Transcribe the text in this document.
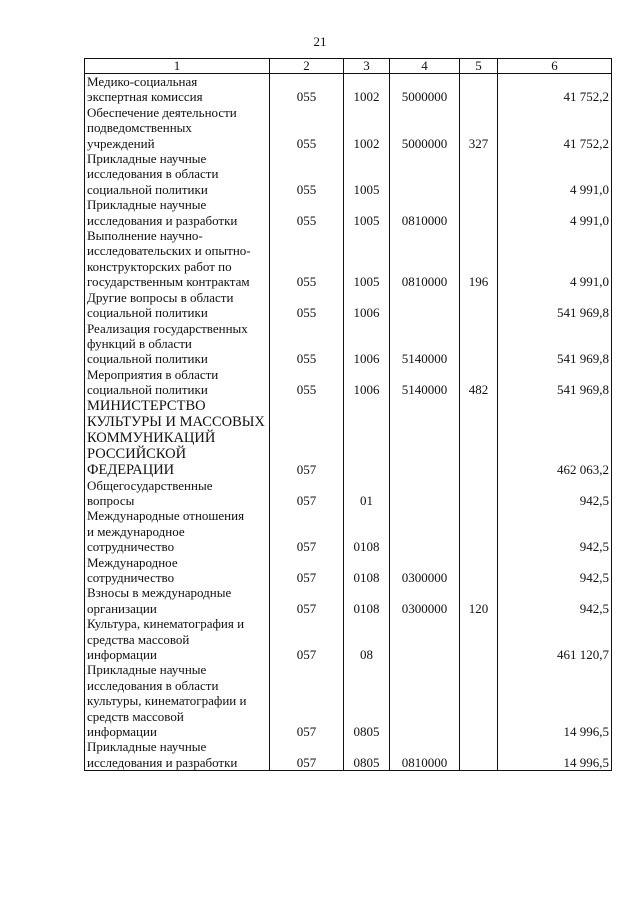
21
1	2	3	4	5	6
Медико-социальная
экспертная комиссия	055	1002	5000000		41 752,2
Обеспечение деятельности
подведомственных
учреждений	055	1002	5000000	327	41 752,2
Прикладные научные
исследования в области
социальной политики	055	1005			4 991,0
Прикладные научные
исследования и разработки	055	1005	0810000		4 991,0
Выполнение научно-
исследовательских и опытно-
конструкторских работ по
государственным контрактам	055	1005	0810000	196	4 991,0
Другие вопросы в области
социальной политики	055	1006			541 969,8
Реализация государственных
функций в области
социальной политики	055	1006	5140000		541 969,8
Мероприятия в области
социальной политики	055	1006	5140000	482	541 969,8
МИНИСТЕРСТВО
КУЛЬТУРЫ И МАССОВЫХ
КОММУНИКАЦИЙ
РОССИЙСКОЙ
ФЕДЕРАЦИИ	057				462 063,2
Общегосударственные
вопросы	057	01			942,5
Международные отношения
и международное
сотрудничество	057	0108			942,5
Международное
сотрудничество	057	0108	0300000		942,5
Взносы в международные
организации	057	0108	0300000	120	942,5
Культура, кинематография и
средства массовой
информации	057	08			461 120,7
Прикладные научные
исследования в области
культуры, кинематографии и
средств массовой
информации	057	0805			14 996,5
Прикладные научные
исследования и разработки	057	0805	0810000		14 996,5
